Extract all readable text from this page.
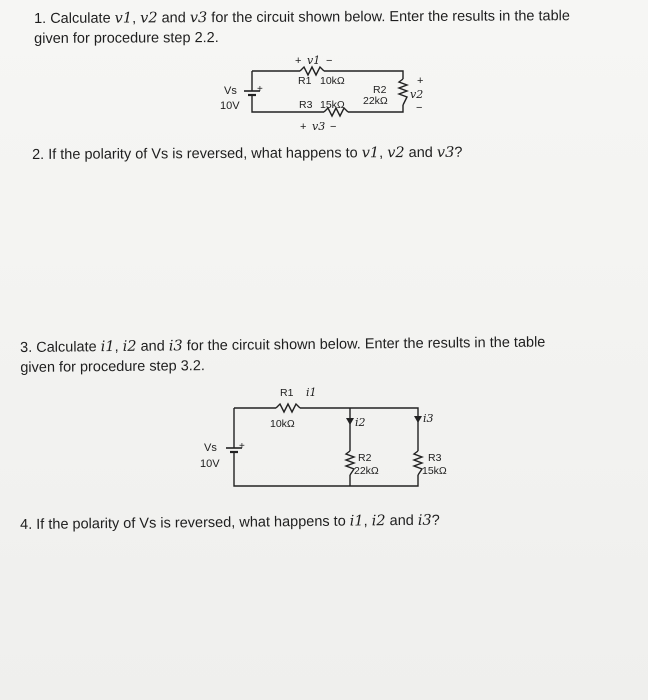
1. Calculate v1, v2 and v3 for the circuit shown below. Enter the results in the table

given for procedure step 2.2.

+
Vs
10V
+ v1 −
R1 10kΩ
R2
22kΩ
+
v2
−
R3 15kΩ
+ v3 −

2. If the polarity of Vs is reversed, what happens to v1, v2 and v3?

3. Calculate i1, i2 and i3 for the circuit shown below. Enter the results in the table

given for procedure step 3.2.

+
Vs
10V
R1 i1
10kΩ	i2
R2
22kΩ
i3
R3
15kΩ

4. If the polarity of Vs is reversed, what happens to i1, i2 and i3?
